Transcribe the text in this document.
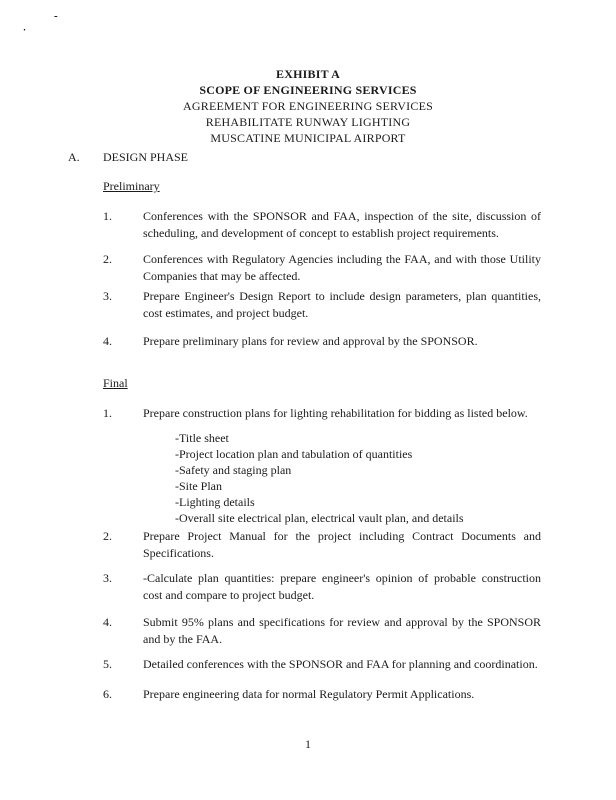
-
·
EXHIBIT A
SCOPE OF ENGINEERING SERVICES
AGREEMENT FOR ENGINEERING SERVICES
REHABILITATE RUNWAY LIGHTING
MUSCATINE MUNICIPAL AIRPORT
A. DESIGN PHASE
Preliminary
1.	Conferences with the SPONSOR and FAA, inspection of the site, discussion of scheduling, and development of concept to establish project requirements.
2.	Conferences with Regulatory Agencies including the FAA, and with those Utility Companies that may be affected.
3.	Prepare Engineer's Design Report to include design parameters, plan quantities, cost estimates, and project budget.
4.	Prepare preliminary plans for review and approval by the SPONSOR.
Final
1.	Prepare construction plans for lighting rehabilitation for bidding as listed below.
-Title sheet
-Project location plan and tabulation of quantities
-Safety and staging plan
-Site Plan
-Lighting details
-Overall site electrical plan, electrical vault plan, and details
2.	Prepare Project Manual for the project including Contract Documents and Specifications.
3.	-Calculate plan quantities: prepare engineer's opinion of probable construction cost and compare to project budget.
4.	Submit 95% plans and specifications for review and approval by the SPONSOR and by the FAA.
5.	Detailed conferences with the SPONSOR and FAA for planning and coordination.
6.	Prepare engineering data for normal Regulatory Permit Applications.
1
